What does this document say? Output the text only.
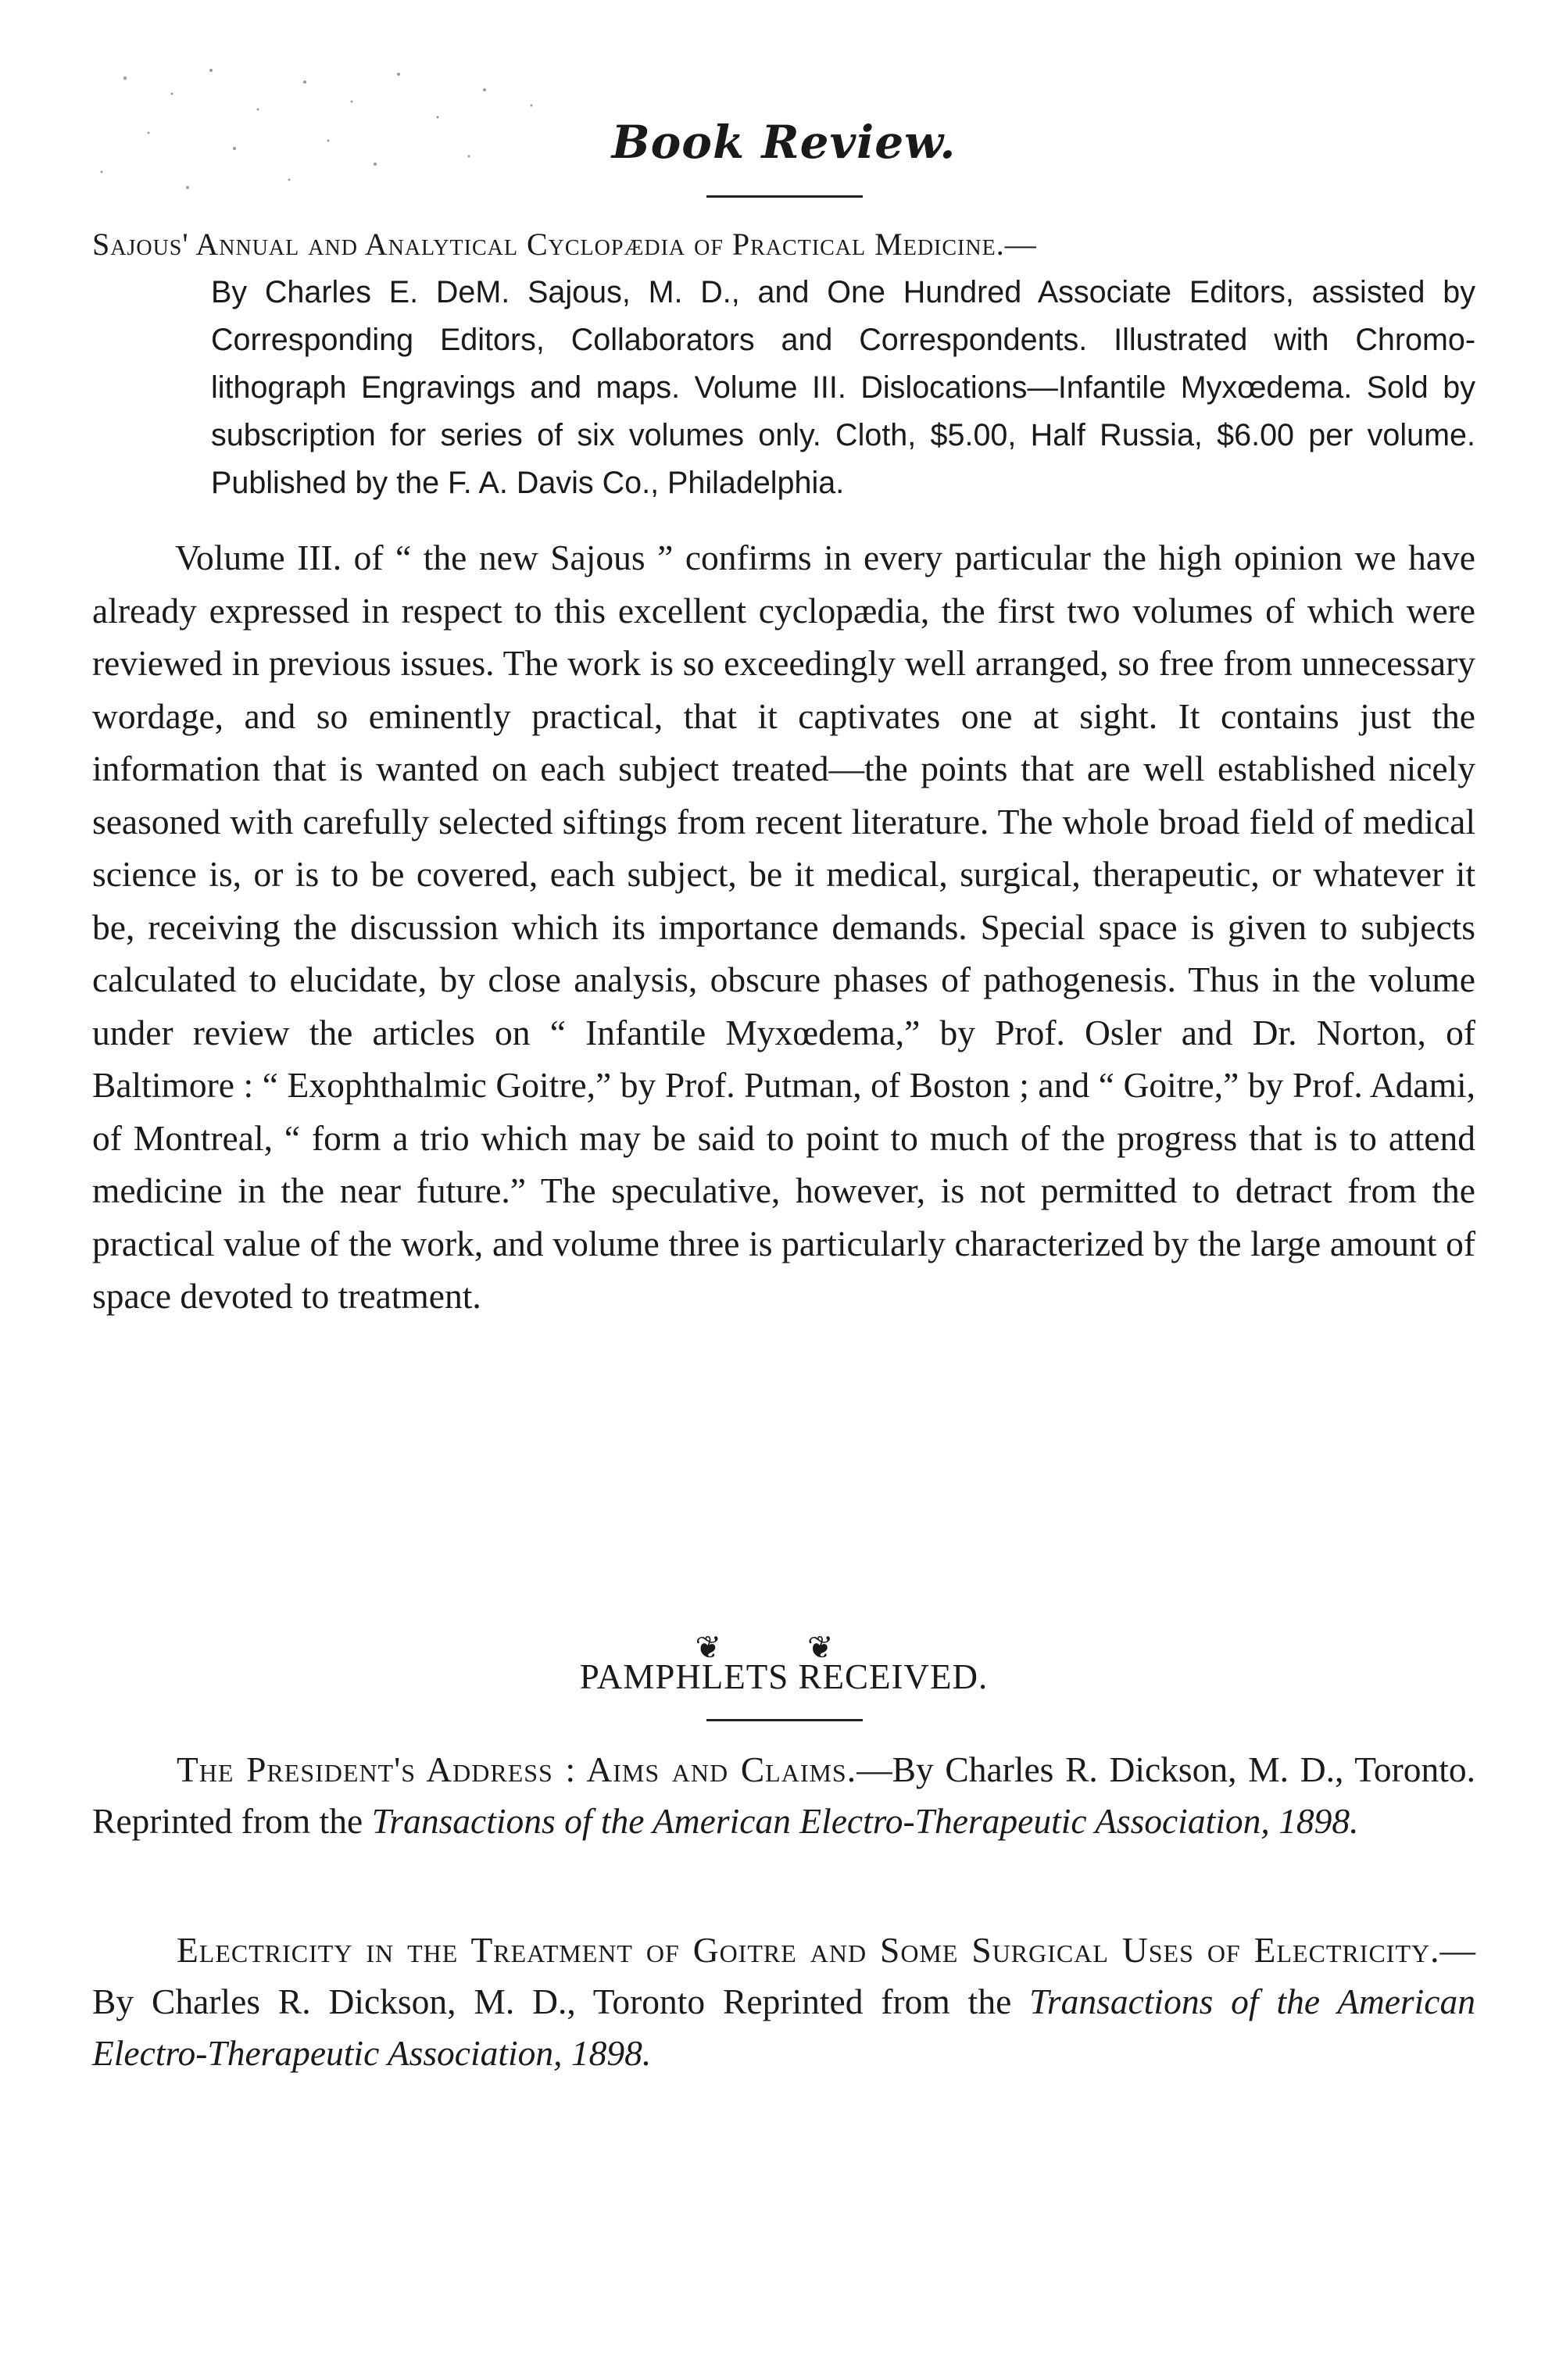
Book Review.
Sajous' Annual and Analytical Cyclopædia of Practical Medicine.—
By Charles E. DeM. Sajous, M. D., and One Hundred Associate Editors, assisted by Corresponding Editors, Collaborators and Correspondents. Illustrated with Chromo-lithograph Engravings and maps. Volume III. Dislocations—Infantile Myxœdema. Sold by subscription for series of six volumes only. Cloth, $5.00, Half Russia, $6.00 per volume. Published by the F. A. Davis Co., Philadelphia.

Volume III. of “ the new Sajous ” confirms in every particular the high opinion we have already expressed in respect to this excellent cyclopædia, the first two volumes of which were reviewed in previous issues. The work is so exceedingly well arranged, so free from unnecessary wordage, and so eminently practical, that it captivates one at sight. It contains just the information that is wanted on each subject treated—the points that are well established nicely seasoned with carefully selected siftings from recent literature. The whole broad field of medical science is, or is to be covered, each subject, be it medical, surgical, therapeutic, or whatever it be, receiving the discussion which its importance demands. Special space is given to subjects calculated to elucidate, by close analysis, obscure phases of pathogenesis. Thus in the volume under review the articles on “ Infantile Myxœdema,” by Prof. Osler and Dr. Norton, of Baltimore : “ Exophthalmic Goitre,” by Prof. Putman, of Boston ; and “ Goitre,” by Prof. Adami, of Montreal, “ form a trio which may be said to point to much of the progress that is to attend medicine in the near future.” The speculative, however, is not permitted to detract from the practical value of the work, and volume three is particularly characterized by the large amount of space devoted to treatment.

❦ ❦
PAMPHLETS RECEIVED.

The President's Address : Aims and Claims.—By Charles R. Dickson, M. D., Toronto. Reprinted from the Transactions of the American Electro-Therapeutic Association, 1898.

Electricity in the Treatment of Goitre and Some Surgical Uses of Electricity.—By Charles R. Dickson, M. D., Toronto Reprinted from the Transactions of the American Electro-Therapeutic Association, 1898.
